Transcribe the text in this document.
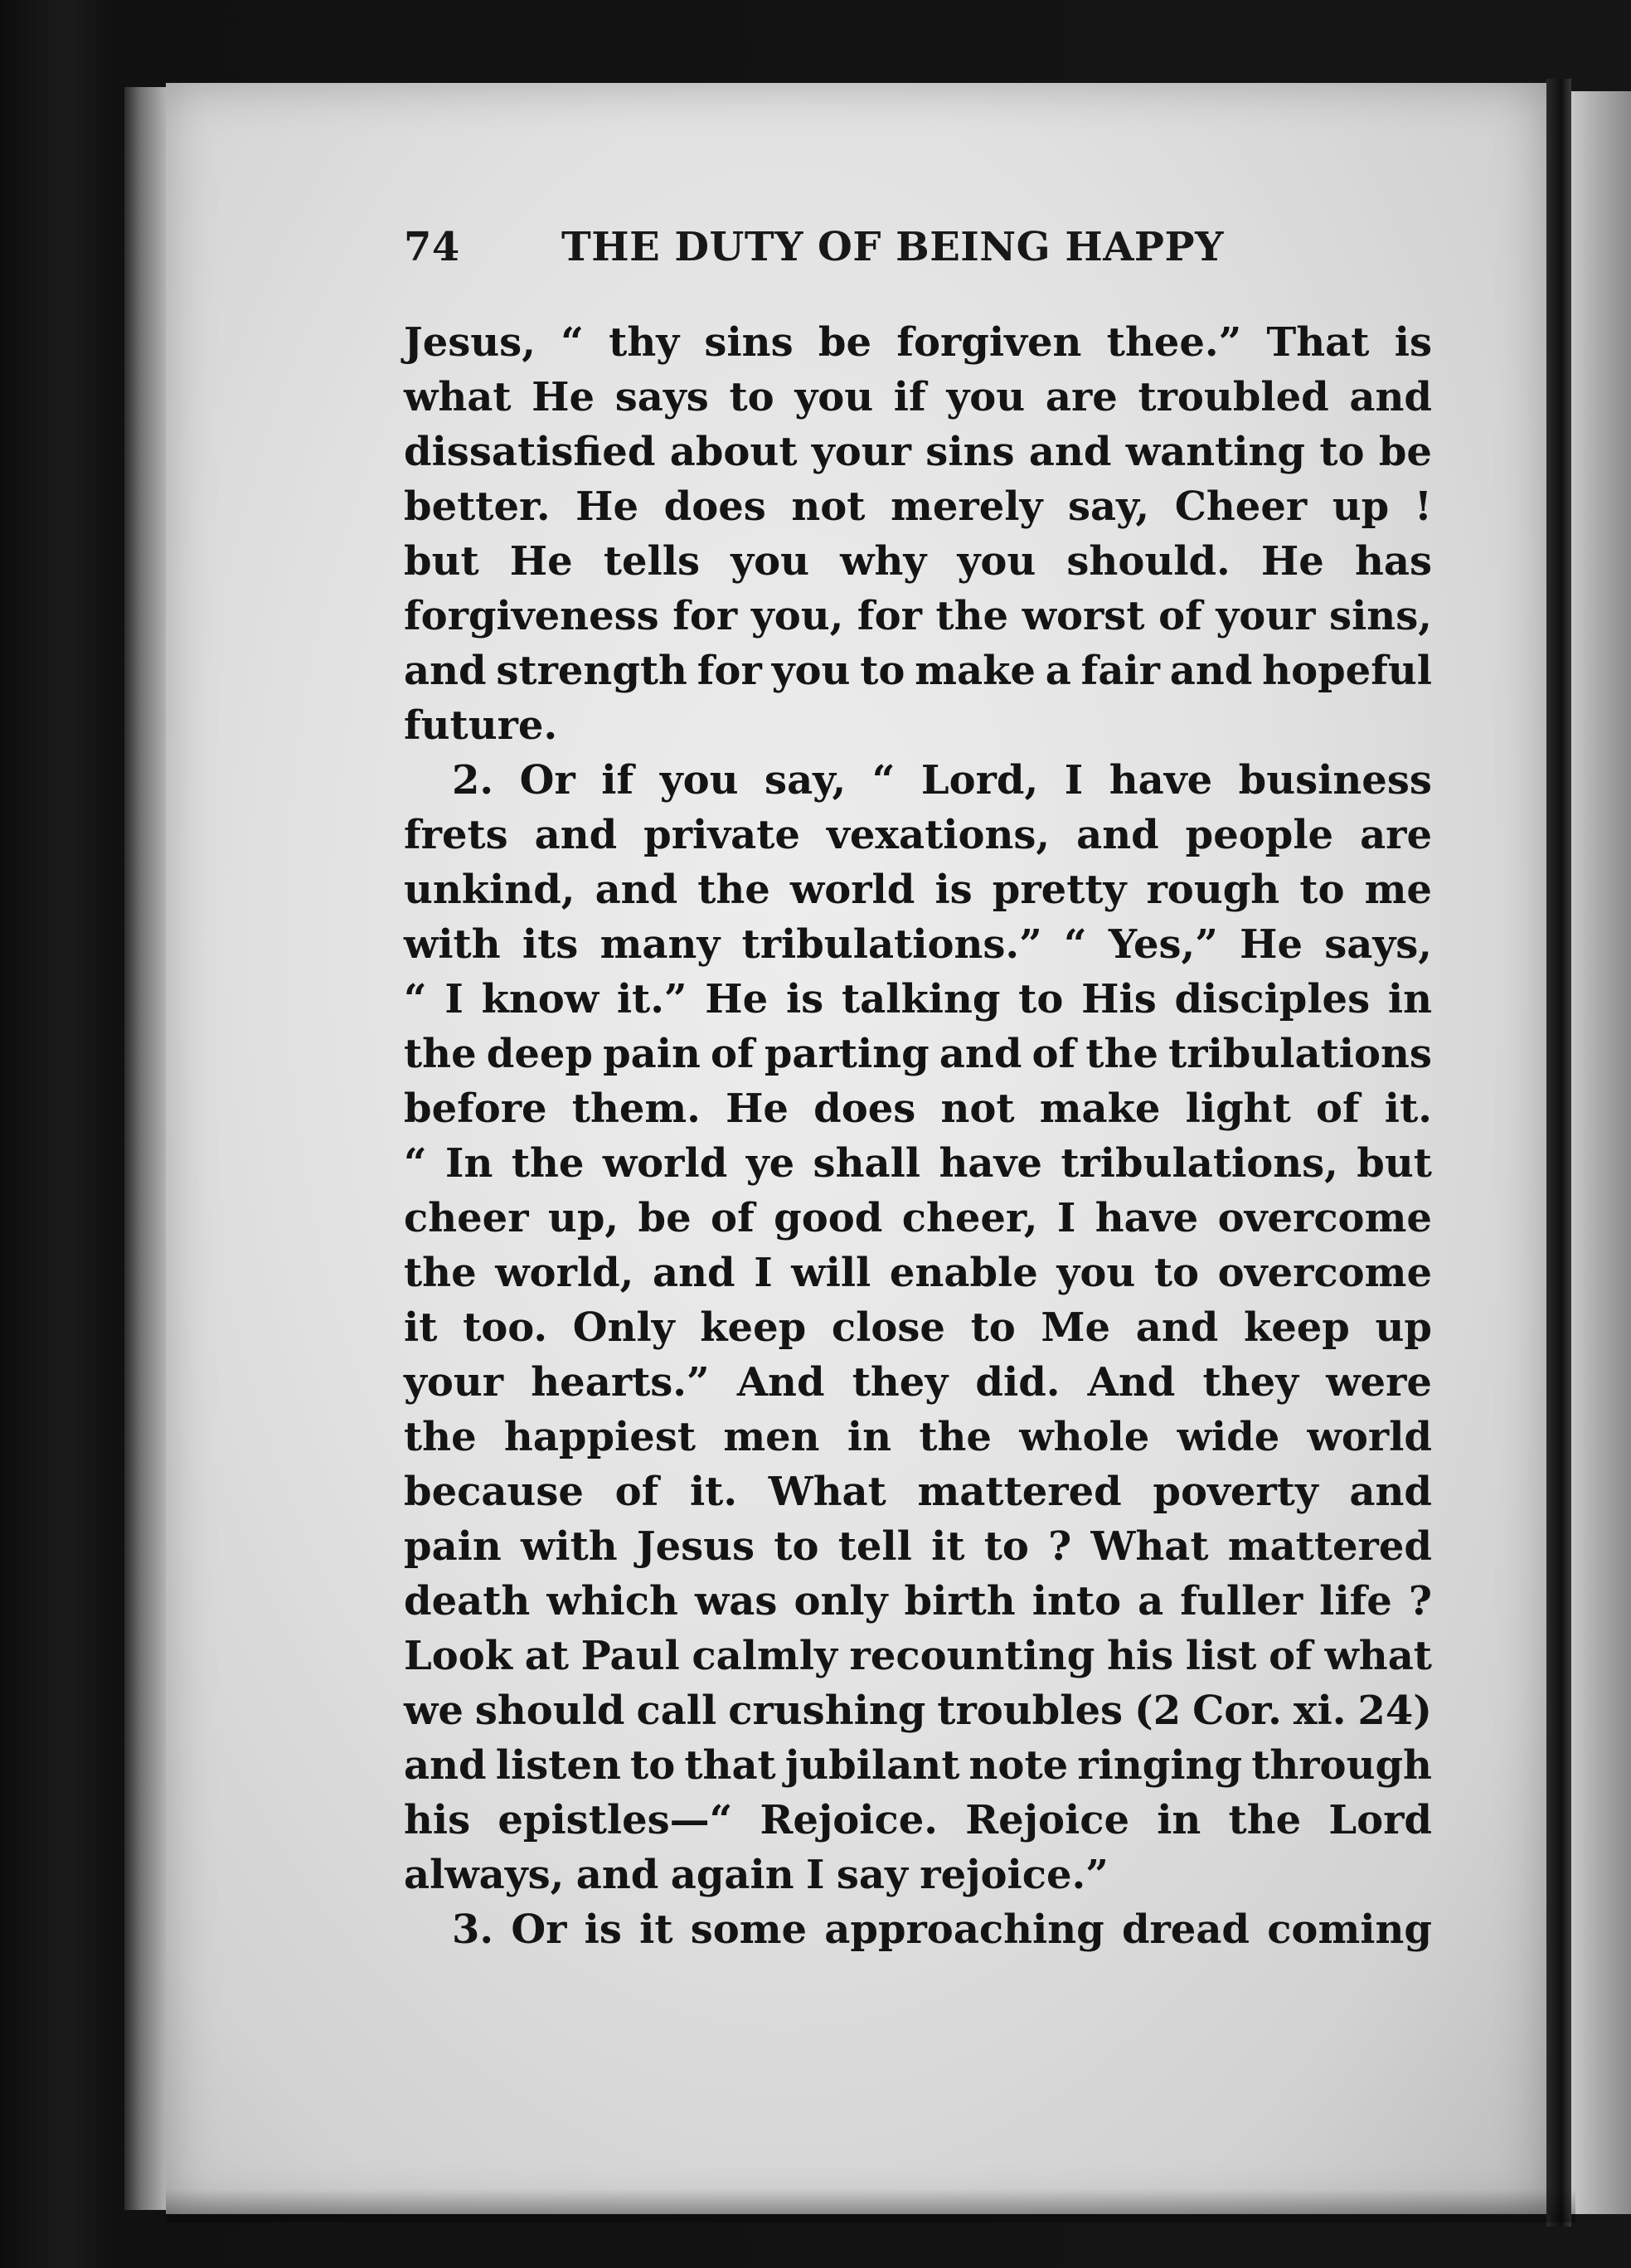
74	THE DUTY OF BEING HAPPY
Jesus, “ thy sins be forgiven thee.” That is
what He says to you if you are troubled and
dissatisfied about your sins and wanting to be
better. He does not merely say, Cheer up !
but He tells you why you should. He has
forgiveness for you, for the worst of your sins,
and strength for you to make a fair and hopeful
future.
2. Or if you say, “ Lord, I have business
frets and private vexations, and people are
unkind, and the world is pretty rough to me
with its many tribulations.” “ Yes,” He says,
“ I know it.” He is talking to His disciples in
the deep pain of parting and of the tribulations
before them. He does not make light of it.
“ In the world ye shall have tribulations, but
cheer up, be of good cheer, I have overcome
the world, and I will enable you to overcome
it too. Only keep close to Me and keep up
your hearts.” And they did. And they were
the happiest men in the whole wide world
because of it. What mattered poverty and
pain with Jesus to tell it to ? What mattered
death which was only birth into a fuller life ?
Look at Paul calmly recounting his list of what
we should call crushing troubles (2 Cor. xi. 24)
and listen to that jubilant note ringing through
his epistles—“ Rejoice. Rejoice in the Lord
always, and again I say rejoice.”
3. Or is it some approaching dread coming
